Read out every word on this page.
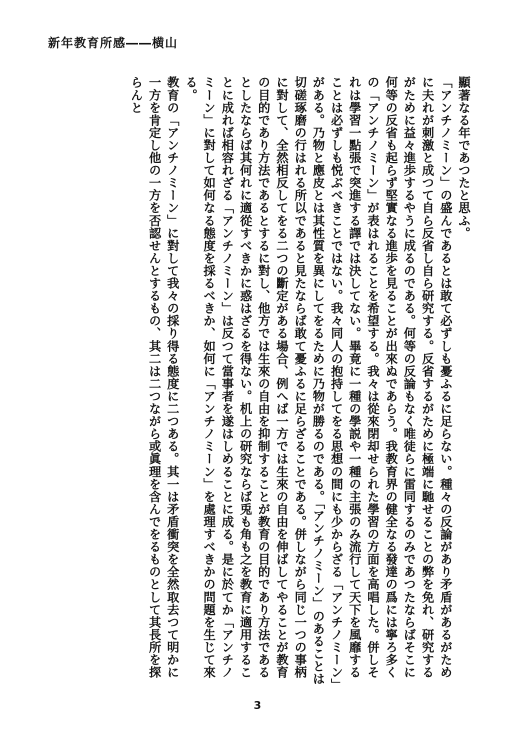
新年教育所感――横山

顯著なる年であつたと思ふ。

「アンチノミーン」の盛んであるとは敢て必ずしも憂ふるに足らない。種々の反論があり矛盾があるがために夫れが刺激と成つて自ら反省し自ら研究する。反省するがために極端に馳せることの弊を免れ、研究するがために益々進歩するやうに成るのである。何等の反論もなく唯徒らに雷同するのみであつたならばそこに何等の反省も起らず堅實なる進歩を見ることが出來ぬであらう。我教育界の健全なる發達の爲には寧ろ多くの「アンチノミーン」が表はれることを希望する。我々は從來閉却せられた學習の方面を高唱した。併しそれは學習一點張で突進する譯では決してない。畢竟に一種の學説や一種の主張のみ流行して天下を風靡することは必ずしも悦ぶべきことではない。我々同人の抱持してをる思想の間にも少からざる「アンチノミーン」がある。乃物と應皮とは其性質を異にしてをるために乃物が勝るのである。「アンチノミーン」のあることは切磋琢磨の行はれる所以であると見たならば敢て憂ふるに足らざることである。併しながら同じ一つの事柄に對して、全然相反してをる二つの斷定がある場合、例へば一方では生來の自由を伸ばしてやることが教育の目的であり方法であるとするに對し、他方では生來の自由を抑制することが教育の目的であり方法であるとしたならば其何れに適從すべきかに惑はざるを得ない。机上の研究ならば兎も角も之を教育に適用することに成れば相容れざる「アンチノミーン」は反つて當事者を遂はしめることに成る。是に於てか「アンチノミーン」に對して如何なる態度を採るべきか、如何に「アンチノミーン」を處理すべきかの問題を生じて來る。

教育の「アンチノミーン」に對して我々の採り得る態度に二つある。其一は矛盾衝突を全然取去つて明かに一方を肯定し他の一方を否認せんとするもの、其二は二つながら或眞理を含んでをるものとして其長所を探らんと

3
